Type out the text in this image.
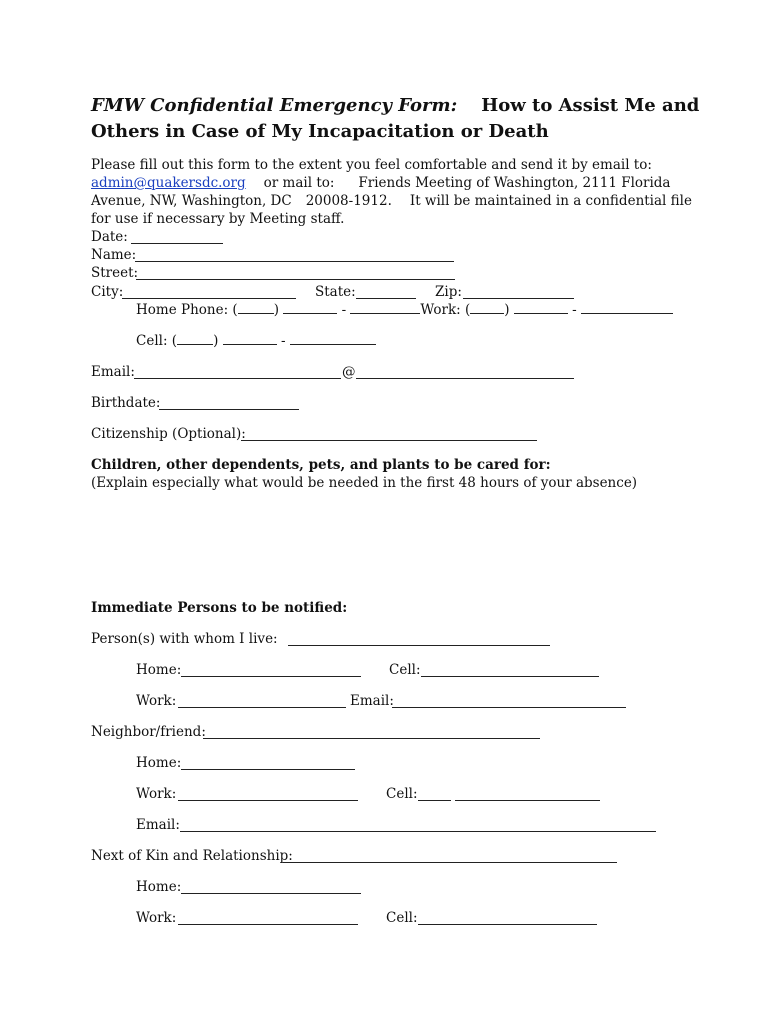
FMW Confidential Emergency Form: How to Assist Me and
Others in Case of My Incapacitation or Death
Please fill out this form to the extent you feel comfortable and send it by email to:
admin@quakersdc.org or mail to: Friends Meeting of Washington, 2111 Florida
Avenue, NW, Washington, DC 20008-1912. It will be maintained in a confidential file
for use if necessary by Meeting staff.
Date:
Name:
Street:
City:	State:	Zip:
Home Phone: (	)	-	Work: (	)	-
Cell: (	)	-
Email:	@
Birthdate:
Citizenship (Optional):
Children, other dependents, pets, and plants to be cared for:
(Explain especially what would be needed in the first 48 hours of your absence)
Immediate Persons to be notified:
Person(s) with whom I live:
Home:	Cell:
Work:	Email:
Neighbor/friend:
Home:
Work:	Cell:
Email:
Next of Kin and Relationship:
Home:
Work:	Cell:
